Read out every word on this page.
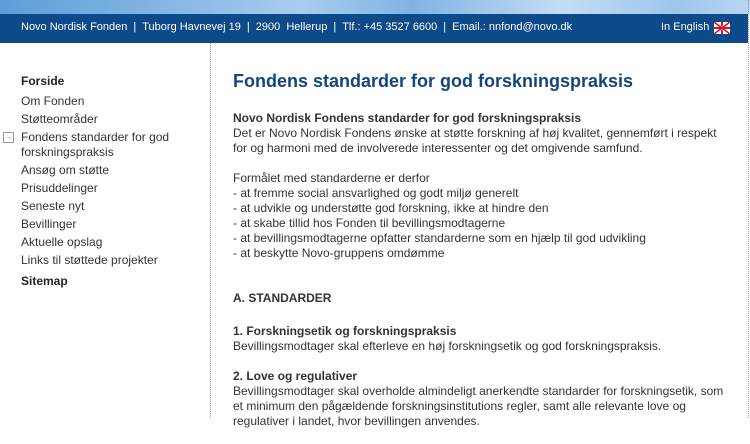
Novo Nordisk Fonden | Tuborg Havnevej 19 | 2900  Hellerup | Tlf.: +45 3527 6600 | Email.: nnfond@novo.dk	In English
Forside
Om Fonden
Støtteområder
→ Fondens standarder for god forskningspraksis
Ansøg om støtte
Prisuddelinger
Seneste nyt
Bevillinger
Aktuelle opslag
Links til støttede projekter
Sitemap
Fondens standarder for god forskningspraksis

Novo Nordisk Fondens standarder for god forskningspraksis
Det er Novo Nordisk Fondens ønske at støtte forskning af høj kvalitet, gennemført i respekt for og harmoni med de involverede interessenter og det omgivende samfund.

Formålet med standarderne er derfor
- at fremme social ansvarlighed og godt miljø generelt
- at udvikle og understøtte god forskning, ikke at hindre den
- at skabe tillid hos Fonden til bevillingsmodtagerne
- at bevillingsmodtagerne opfatter standarderne som en hjælp til god udvikling
- at beskytte Novo-gruppens omdømme

A. STANDARDER

1. Forskningsetik og forskningspraksis
Bevillingsmodtager skal efterleve en høj forskningsetik og god forskningspraksis.

2. Love og regulativer
Bevillingsmodtager skal overholde almindeligt anerkendte standarder for forskningsetik, som et minimum den pågældende forskningsinstitutions regler, samt alle relevante love og regulativer i landet, hvor bevillingen anvendes.
